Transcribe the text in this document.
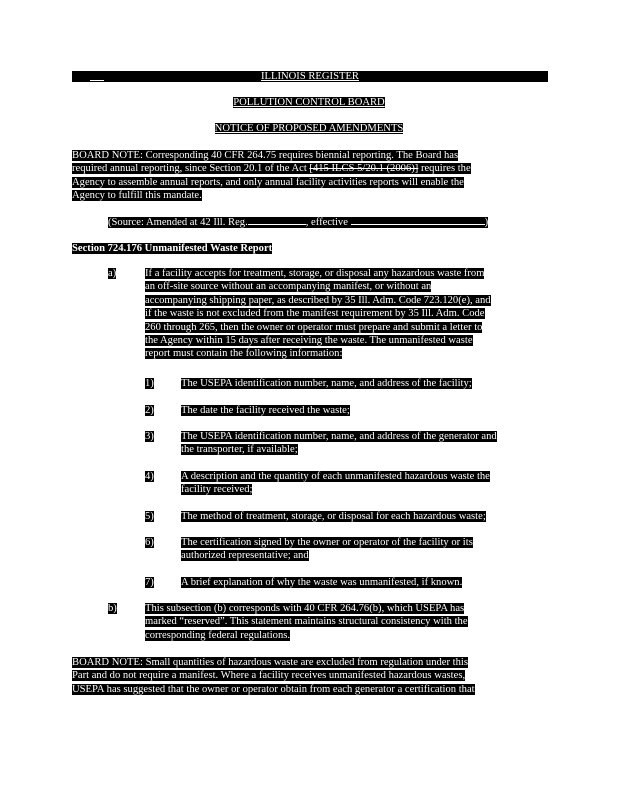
ILLINOIS REGISTER
POLLUTION CONTROL BOARD
NOTICE OF PROPOSED AMENDMENTS
BOARD NOTE: Corresponding 40 CFR 264.75 requires biennial reporting. The Board has
required annual reporting, since Section 20.1 of the Act [415 ILCS 5/20.1 (2006)] requires the
Agency to assemble annual reports, and only annual facility activities reports will enable the
Agency to fulfill this mandate.
(Source: Amended at 42 Ill. Reg.	, effective	)
Section 724.176 Unmanifested Waste Report
a)	If a facility accepts for treatment, storage, or disposal any hazardous waste from
an off-site source without an accompanying manifest, or without an
accompanying shipping paper, as described by 35 Ill. Adm. Code 723.120(e), and
if the waste is not excluded from the manifest requirement by 35 Ill. Adm. Code
260 through 265, then the owner or operator must prepare and submit a letter to
the Agency within 15 days after receiving the waste. The unmanifested waste
report must contain the following information:
1)	The USEPA identification number, name, and address of the facility;
2)	The date the facility received the waste;
3)	The USEPA identification number, name, and address of the generator and
the transporter, if available;
4)	A description and the quantity of each unmanifested hazardous waste the
facility received;
5)	The method of treatment, storage, or disposal for each hazardous waste;
6)	The certification signed by the owner or operator of the facility or its
authorized representative; and
7)	A brief explanation of why the waste was unmanifested, if known.
b)	This subsection (b) corresponds with 40 CFR 264.76(b), which USEPA has
marked “reserved”. This statement maintains structural consistency with the
corresponding federal regulations.
BOARD NOTE: Small quantities of hazardous waste are excluded from regulation under this
Part and do not require a manifest. Where a facility receives unmanifested hazardous wastes,
USEPA has suggested that the owner or operator obtain from each generator a certification that
